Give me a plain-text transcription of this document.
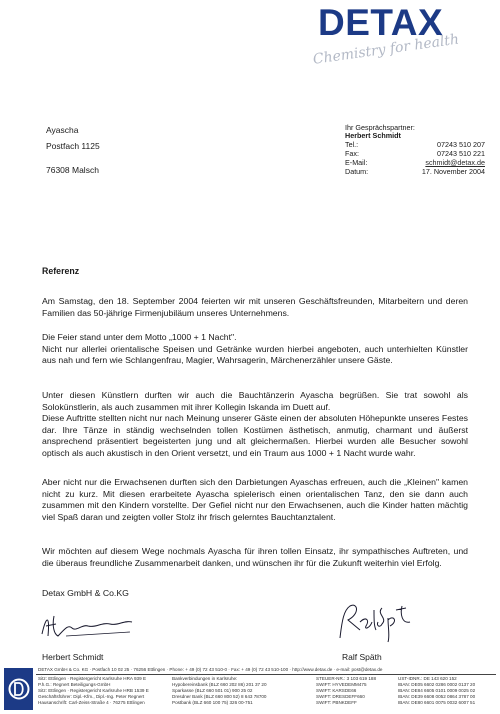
DETAX
Chemistry for health
Ayascha
Postfach 1125
76308 Malsch
Ihr Gesprächspartner:
Herbert Schmidt
Tel.:	07243 510 207
Fax:	07243 510 221
E-Mail:	schmidt@detax.de
Datum:	17. November 2004
Referenz
Am Samstag, den 18. September 2004 feierten wir mit unseren Geschäftsfreunden, Mitarbeitern und deren Familien das 50-jährige Firmenjubiläum unseres Unternehmens.
Die Feier stand unter dem Motto „1000 + 1 Nacht".
Nicht nur allerlei orientalische Speisen und Getränke wurden hierbei angeboten, auch unterhielten Künstler aus nah und fern wie Schlangenfrau, Magier, Wahrsagerin, Märchenerzähler unsere Gäste.
Unter diesen Künstlern durften wir auch die Bauchtänzerin Ayascha begrüßen. Sie trat sowohl als Solokünstlerin, als auch zusammen mit ihrer Kollegin Iskanda im Duett auf.
Diese Auftritte stellten nicht nur nach Meinung unserer Gäste einen der absoluten Höhepunkte unseres Festes dar. Ihre Tänze in ständig wechselnden tollen Kostümen ästhetisch, anmutig, charmant und äußerst ansprechend präsentiert begeisterten jung und alt gleichermaßen. Hierbei wurden alle Besucher sowohl optisch als auch akustisch in den Orient versetzt, und ein Traum aus 1000 + 1 Nacht wurde wahr.
Aber nicht nur die Erwachsenen durften sich den Darbietungen Ayaschas erfreuen, auch die „Kleinen" kamen nicht zu kurz. Mit diesen erarbeitete Ayascha spielerisch einen orientalischen Tanz, den sie dann auch zusammen mit den Kindern vorstellte. Der Gefiel nicht nur den Erwachsenen, auch die Kinder hatten mächtig viel Spaß daran und zeigten voller Stolz ihr frisch gelerntes Bauchtanztalent.
Wir möchten auf diesem Wege nochmals Ayascha für ihren tollen Einsatz, ihr sympathisches Auftreten, und die überaus freundliche Zusammenarbeit danken, und wünschen ihr für die Zukunft weiterhin viel Erfolg.
Detax GmbH & Co.KG
Herbert Schmidt	Ralf Späth
DETAX GmbH & Co. KG · Postfach 10 02 25 · 76256 Ettlingen · Phone: + 49 (0) 72 43 510-0 · Fax: + 49 (0) 72 43 510-100 · http://www.detax.de · e-mail: post@detax.de
Sitz: Ettlingen · Registergericht Karlsruhe HRA 939 E
P.h.G.: Regnert Beteiligungs-GmbH
Sitz: Ettlingen · Registergericht Karlsruhe HRB 1539 E
Geschäftsführer: Dipl.-Kfm., Dipl.-Ing. Peter Regnert
Hausanschrift: Carl-Zeiss-Straße 4 · 76275 Ettlingen
Bankverbindungen in Karlsruhe:
Hypobereinsbank (BLZ 660 202 86) 201 37 20
Sparkasse (BLZ 660 501 01) 900 25 02
Dresdner Bank (BLZ 660 800 52) 8 643 78700
Postbank (BLZ 660 100 75) 326 00-751
STEUER-NR.: 3 103 619 188
SWIFT: HYVEDEMM475
SWIFT: KARSDE66
SWIFT: DRESDEFF660
SWIFT: PBNKDEFF
UST-IDNR.: DE 143 620 152
IBAN: DE05 6602 0286 0002 0137 20
IBAN: DE84 6605 0101 0009 0025 02
IBAN: DE39 6608 0052 0864 3787 00
IBAN: DE80 6601 0075 0032 6007 51
